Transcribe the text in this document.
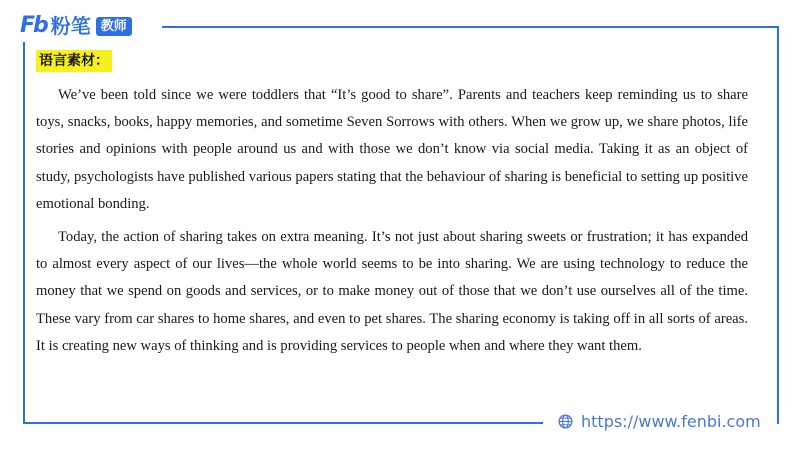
Fb 粉笔 教师
语言素材：

We’ve been told since we were toddlers that “It’s good to share”. Parents and teachers keep reminding us to share toys, snacks, books, happy memories, and sometime Seven Sorrows with others. When we grow up, we share photos, life stories and opinions with people around us and with those we don’t know via social media. Taking it as an object of study, psychologists have published various papers stating that the behaviour of sharing is beneficial to setting up positive emotional bonding.

Today, the action of sharing takes on extra meaning. It’s not just about sharing sweets or frustration; it has expanded to almost every aspect of our lives—the whole world seems to be into sharing. We are using technology to reduce the money that we spend on goods and services, or to make money out of those that we don’t use ourselves all of the time. These vary from car shares to home shares, and even to pet shares. The sharing economy is taking off in all sorts of areas. It is creating new ways of thinking and is providing services to people when and where they want them.

https://www.fenbi.com
